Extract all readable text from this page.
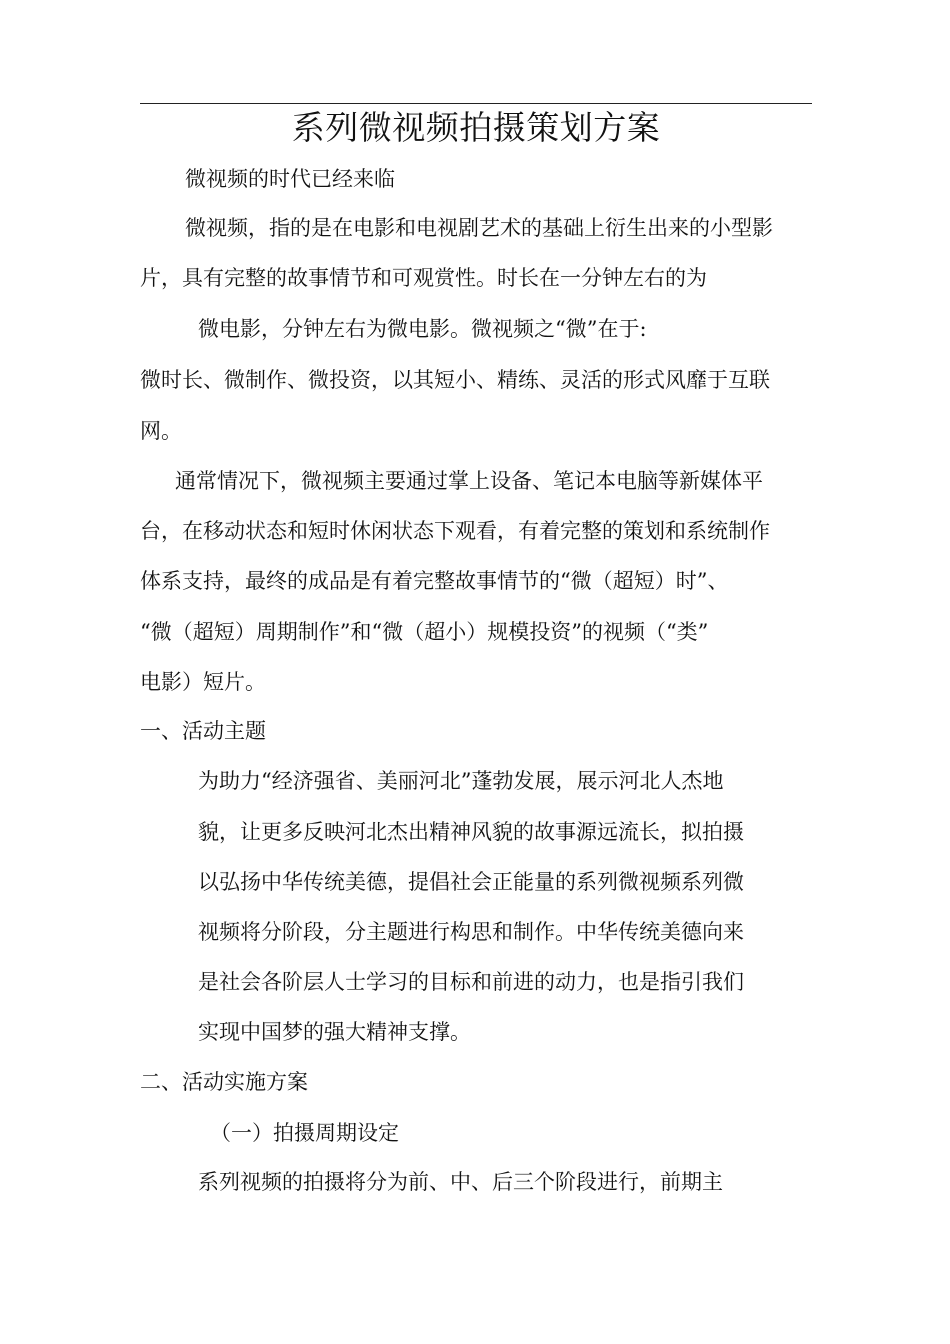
系列微视频拍摄策划方案

微视频的时代已经来临

微视频，指的是在电影和电视剧艺术的基础上衍生出来的小型影

片，具有完整的故事情节和可观赏性。时长在一分钟左右的为

微电影，分钟左右为微电影。微视频之“微”在于:

微时长、微制作、微投资，以其短小、精练、灵活的形式风靡于互联

网。

通常情况下，微视频主要通过掌上设备、笔记本电脑等新媒体平

台，在移动状态和短时休闲状态下观看，有着完整的策划和系统制作

体系支持，最终的成品是有着完整故事情节的“微（超短）时”、

“微（超短）周期制作”和“微（超小）规模投资”的视频（“类”

电影）短片。

一、活动主题

为助力“经济强省、美丽河北”蓬勃发展，展示河北人杰地

貌，让更多反映河北杰出精神风貌的故事源远流长，拟拍摄

以弘扬中华传统美德，提倡社会正能量的系列微视频系列微

视频将分阶段，分主题进行构思和制作。中华传统美德向来

是社会各阶层人士学习的目标和前进的动力，也是指引我们

实现中国梦的强大精神支撑。

二、活动实施方案

（一）拍摄周期设定

系列视频的拍摄将分为前、中、后三个阶段进行，前期主
